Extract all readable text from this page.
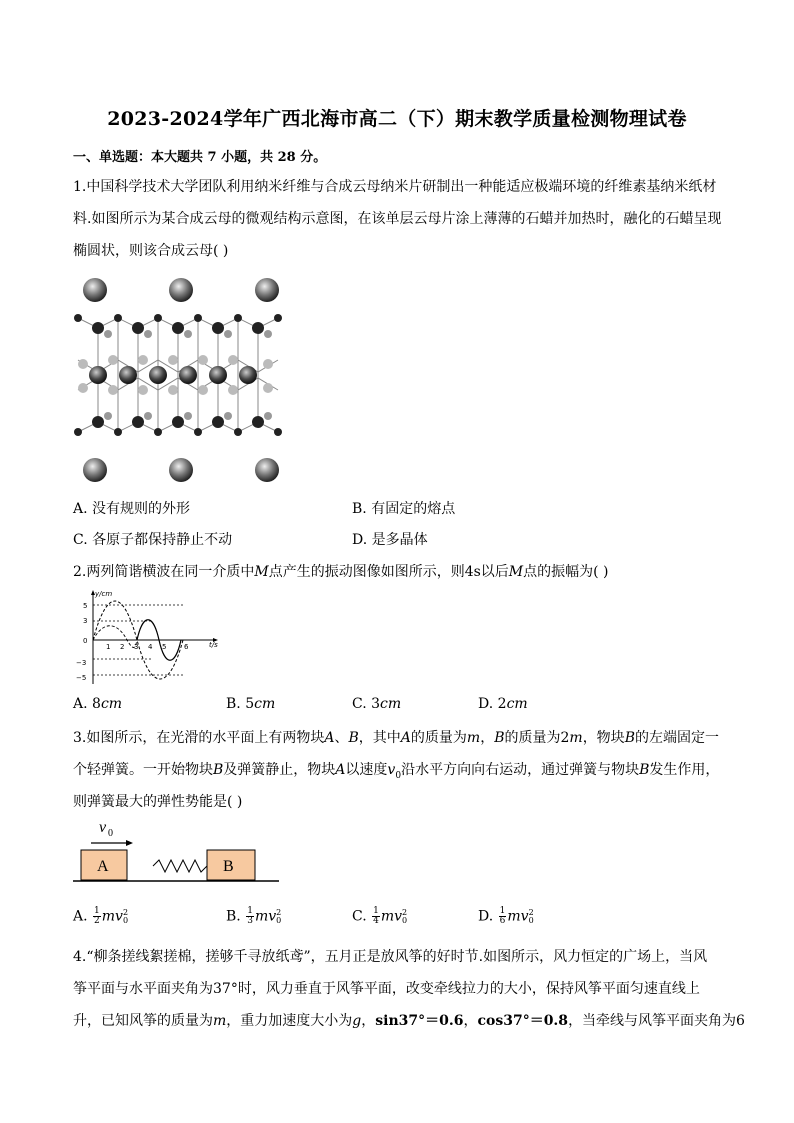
2023-2024学年广西北海市高二（下）期末教学质量检测物理试卷
一、单选题：本大题共 7 小题，共 28 分。
1.中国科学技术大学团队利用纳米纤维与合成云母纳米片研制出一种能适应极端环境的纤维素基纳米纸材
料.如图所示为某合成云母的微观结构示意图，在该单层云母片涂上薄薄的石蜡并加热时，融化的石蜡呈现
椭圆状，则该合成云母( )
A. 没有规则的外形	B. 有固定的熔点
C. 各原子都保持静止不动	D. 是多晶体
2.两列简谐横波在同一介质中M点产生的振动图像如图所示，则4s以后M点的振幅为( )
y/cm
t/s
5
3
0
−3
−5
1 2 3 4 5	6
A. 8cm	B. 5cm	C. 3cm	D. 2cm
3.如图所示，在光滑的水平面上有两物块A、B，其中A的质量为m，B的质量为2m，物块B的左端固定一
个轻弹簧。一开始物块B及弹簧静止，物块A以速度$v_0$沿水平方向向右运动，通过弹簧与物块B发生作用，
则弹簧最大的弹性势能是( )
v 0
A	B
A. $\frac{1}{2}$ mv 2
0	B. $\frac{1}{3}$ mv 2
0	C. $\frac{1}{4}$ mv 2
0	D. $\frac{1}{6}$ mv 2
0
4.“柳条搓线絮搓棉，搓够千寻放纸鸢”，五月正是放风筝的好时节.如图所示，风力恒定的广场上，当风
筝平面与水平面夹角为37°时，风力垂直于风筝平面，改变牵线拉力的大小，保持风筝平面匀速直线上
升，已知风筝的质量为m，重力加速度大小为g，sin37°＝0.6，cos37°＝0.8，当牵线与风筝平面夹角为6
